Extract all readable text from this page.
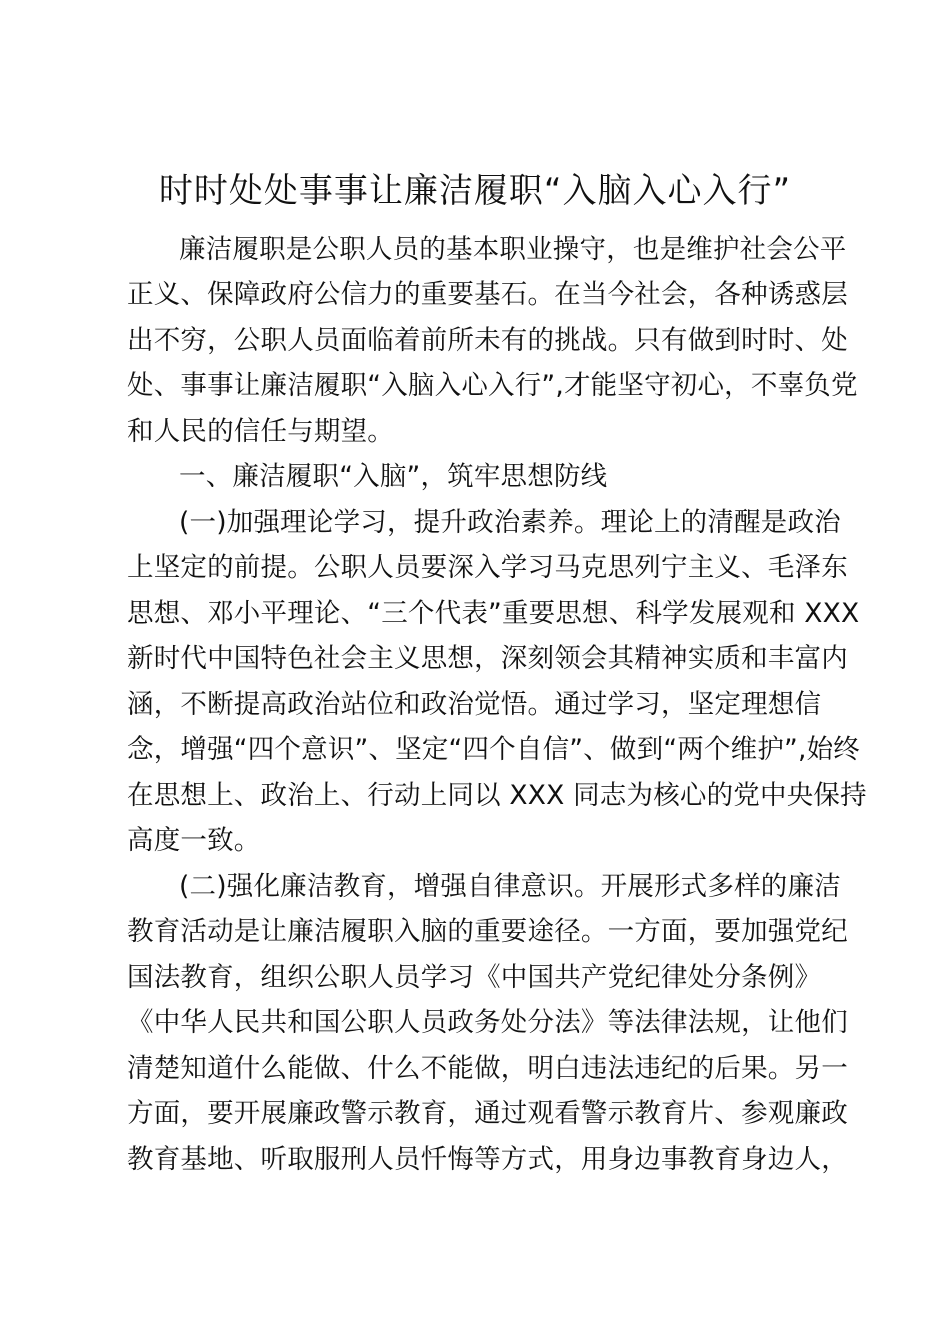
时时处处事事让廉洁履职“入脑入心入行”
廉洁履职是公职人员的基本职业操守，也是维护社会公平
正义、保障政府公信力的重要基石。在当今社会，各种诱惑层
出不穷，公职人员面临着前所未有的挑战。只有做到时时、处
处、事事让廉洁履职“入脑入心入行”,才能坚守初心，不辜负党
和人民的信任与期望。
一、廉洁履职“入脑”，筑牢思想防线
(一)加强理论学习，提升政治素养。理论上的清醒是政治
上坚定的前提。公职人员要深入学习马克思列宁主义、毛泽东
思想、邓小平理论、“三个代表”重要思想、科学发展观和 XXX
新时代中国特色社会主义思想，深刻领会其精神实质和丰富内
涵，不断提高政治站位和政治觉悟。通过学习，坚定理想信
念，增强“四个意识”、坚定“四个自信”、做到“两个维护”,始终
在思想上、政治上、行动上同以 XXX 同志为核心的党中央保持
高度一致。
(二)强化廉洁教育，增强自律意识。开展形式多样的廉洁
教育活动是让廉洁履职入脑的重要途径。一方面，要加强党纪
国法教育，组织公职人员学习《中国共产党纪律处分条例》
《中华人民共和国公职人员政务处分法》等法律法规，让他们
清楚知道什么能做、什么不能做，明白违法违纪的后果。另一
方面，要开展廉政警示教育，通过观看警示教育片、参观廉政
教育基地、听取服刑人员忏悔等方式，用身边事教育身边人，
